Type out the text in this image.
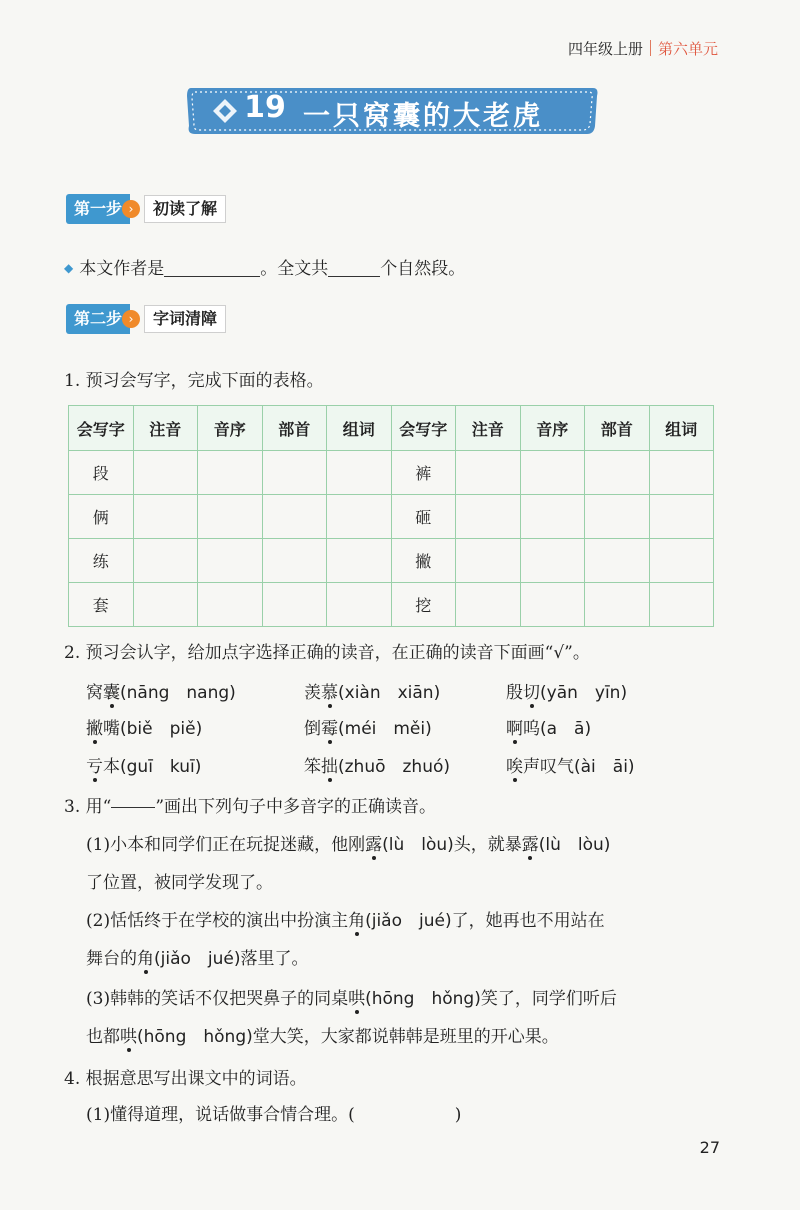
四年级上册 第六单元
19 一只窝囊的大老虎
第一步 ›	初读了解
◆ 本文作者是	。全文共	个自然段。
第二步 ›	字词清障
1. 预习会写字，完成下面的表格。
会写字	注音	音序	部首	组词	会写字	注音	音序	部首	组词
段					裤				
俩					砸				
练					撇				
套					挖				
2. 预习会认字，给加点字选择正确的读音，在正确的读音下面画“√”。
窝囊(nāng　nang)	羡慕(xiàn　xiān)	殷切(yān　yīn)
撇嘴(biě　piě)	倒霉(méi　měi)	啊呜(a　ā)
亏本(guī　kuī)	笨拙(zhuō　zhuó)	唉声叹气(ài　āi)
3. 用“	”画出下列句子中多音字的正确读音。
(1)小本和同学们正在玩捉迷藏，他刚露(lù　lòu)头，就暴露(lù　lòu)
了位置，被同学发现了。
(2)恬恬终于在学校的演出中扮演主角(jiǎo　jué)了，她再也不用站在
舞台的角(jiǎo　jué)落里了。
(3)韩韩的笑话不仅把哭鼻子的同桌哄(hōng　hǒng)笑了，同学们听后
也都哄(hōng　hǒng)堂大笑，大家都说韩韩是班里的开心果。
4. 根据意思写出课文中的词语。
(1)懂得道理，说话做事合情合理。(	)
27
